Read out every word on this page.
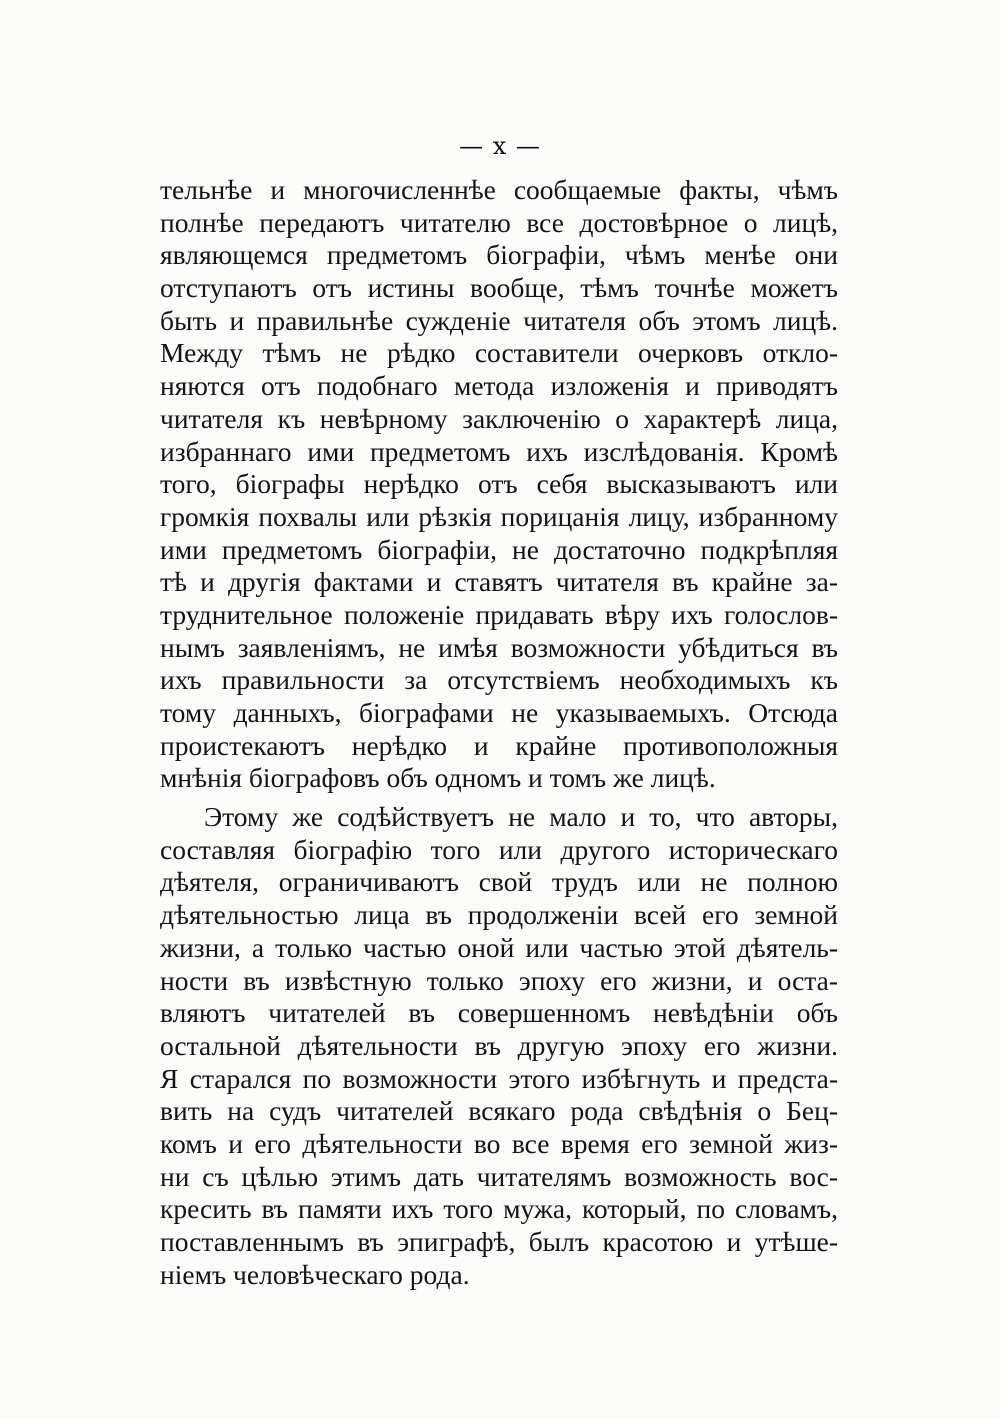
— x —
тельнѣе и многочисленнѣе сообщаемые факты, чѣмъ
полнѣе передаютъ читателю все достовѣрное о лицѣ,
являющемся предметомъ біографіи, чѣмъ менѣе они
отступаютъ отъ истины вообще, тѣмъ точнѣе можетъ
быть и правильнѣе сужденіе читателя объ этомъ лицѣ.
Между тѣмъ не рѣдко составители очерковъ откло-
няются отъ подобнаго метода изложенія и приводятъ
читателя къ невѣрному заключенію о характерѣ лица,
избраннаго ими предметомъ ихъ изслѣдованія. Кромѣ
того, біографы нерѣдко отъ себя высказываютъ или
громкія похвалы или рѣзкія порицанія лицу, избранному
ими предметомъ біографіи, не достаточно подкрѣпляя
тѣ и другія фактами и ставятъ читателя въ крайне за-
труднительное положеніе придавать вѣру ихъ голослов-
нымъ заявленіямъ, не имѣя возможности убѣдиться въ
ихъ правильности за отсутствіемъ необходимыхъ къ
тому данныхъ, біографами не указываемыхъ. Отсюда
проистекаютъ нерѣдко и крайне противоположныя
мнѣнія біографовъ объ одномъ и томъ же лицѣ.
Этому же содѣйствуетъ не мало и то, что авторы,
составляя біографію того или другого историческаго
дѣятеля, ограничиваютъ свой трудъ или не полною
дѣятельностью лица въ продолженіи всей его земной
жизни, а только частью оной или частью этой дѣятель-
ности въ извѣстную только эпоху его жизни, и оста-
вляютъ читателей въ совершенномъ невѣдѣніи объ
остальной дѣятельности въ другую эпоху его жизни.
Я старался по возможности этого избѣгнуть и предста-
вить на судъ читателей всякаго рода свѣдѣнія о Бец-
комъ и его дѣятельности во все время его земной жиз-
ни съ цѣлью этимъ дать читателямъ возможность вос-
кресить въ памяти ихъ того мужа, который, по словамъ,
поставленнымъ въ эпиграфѣ, былъ красотою и утѣше-
ніемъ человѣческаго рода.
